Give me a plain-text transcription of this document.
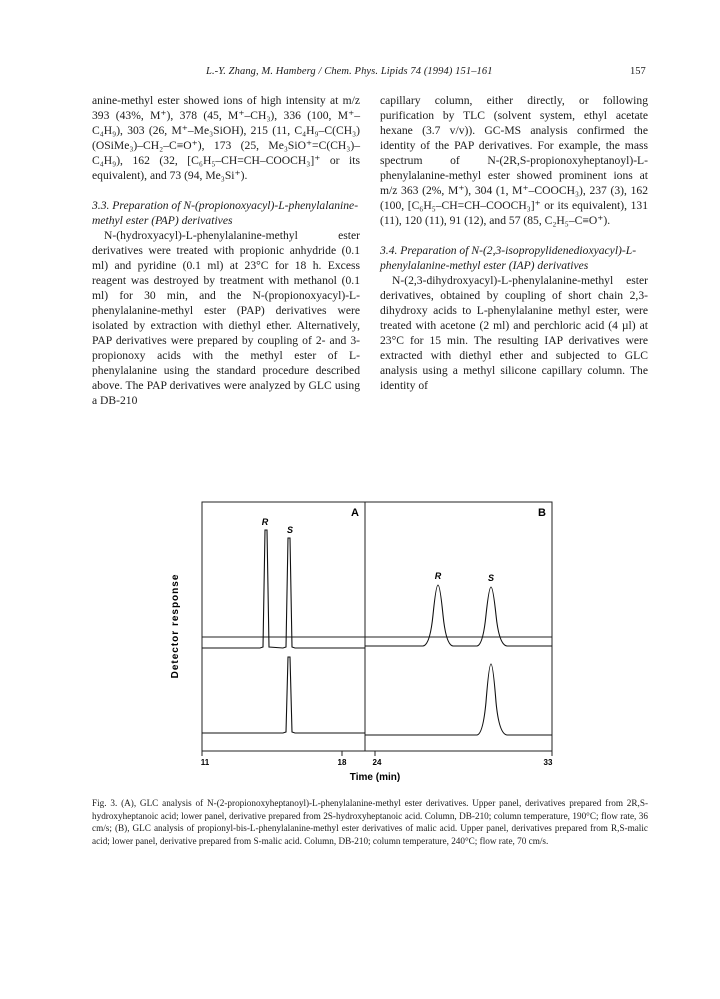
L.-Y. Zhang, M. Hamberg / Chem. Phys. Lipids 74 (1994) 151–161	157

anine-methyl ester showed ions of high intensity at m/z 393 (43%, M⁺), 378 (45, M⁺–CH₃), 336 (100, M⁺–C₄H₉), 303 (26, M⁺–Me₃SiOH), 215 (11, C₄H₉–C(CH₃)(OSiMe₃)–CH₂–C≡O⁺), 173 (25, Me₃SiO⁺=C(CH₃)–C₄H₉), 162 (32, [C₆H₅–CH=CH–COOCH₃]⁺ or its equivalent), and 73 (94, Me₃Si⁺).

3.3. Preparation of N-(propionoxyacyl)-L-phenylalanine-methyl ester (PAP) derivatives

N-(hydroxyacyl)-L-phenylalanine-methyl ester derivatives were treated with propionic anhydride (0.1 ml) and pyridine (0.1 ml) at 23°C for 18 h. Excess reagent was destroyed by treatment with methanol (0.1 ml) for 30 min, and the N-(propionoxyacyl)-L-phenylalanine-methyl ester (PAP) derivatives were isolated by extraction with diethyl ether. Alternatively, PAP derivatives were prepared by coupling of 2- and 3-propionoxy acids with the methyl ester of L-phenylalanine using the standard procedure described above. The PAP derivatives were analyzed by GLC using a DB-210

capillary column, either directly, or following purification by TLC (solvent system, ethyl acetate hexane (3.7 v/v)). GC-MS analysis confirmed the identity of the PAP derivatives. For example, the mass spectrum of N-(2R,S-propionoxyheptanoyl)-L-phenylalanine-methyl ester showed prominent ions at m/z 363 (2%, M⁺), 304 (1, M⁺–COOCH₃), 237 (3), 162 (100, [C₆H₅–CH=CH–COOCH₃]⁺ or its equivalent), 131 (11), 120 (11), 91 (12), and 57 (85, C₂H₅–C≡O⁺).

3.4. Preparation of N-(2,3-isopropylidenedioxyacyl)-L-phenylalanine-methyl ester (IAP) derivatives

N-(2,3-dihydroxyacyl)-L-phenylalanine-methyl ester derivatives, obtained by coupling of short chain 2,3-dihydroxy acids to L-phenylalanine methyl ester, were treated with acetone (2 ml) and perchloric acid (4 µl) at 23°C for 15 min. The resulting IAP derivatives were extracted with diethyl ether and subjected to GLC analysis using a methyl silicone capillary column. The identity of

A	B
R
S
R	S
11	18	24	33
Time (min)
Detector response

Fig. 3. (A), GLC analysis of N-(2-propionoxyheptanoyl)-L-phenylalanine-methyl ester derivatives. Upper panel, derivatives prepared from 2R,S-hydroxyheptanoic acid; lower panel, derivative prepared from 2S-hydroxyheptanoic acid. Column, DB-210; column temperature, 190°C; flow rate, 36 cm/s; (B), GLC analysis of propionyl-bis-L-phenylalanine-methyl ester derivatives of malic acid. Upper panel, derivatives prepared from R,S-malic acid; lower panel, derivative prepared from S-malic acid. Column, DB-210; column temperature, 240°C; flow rate, 70 cm/s.
